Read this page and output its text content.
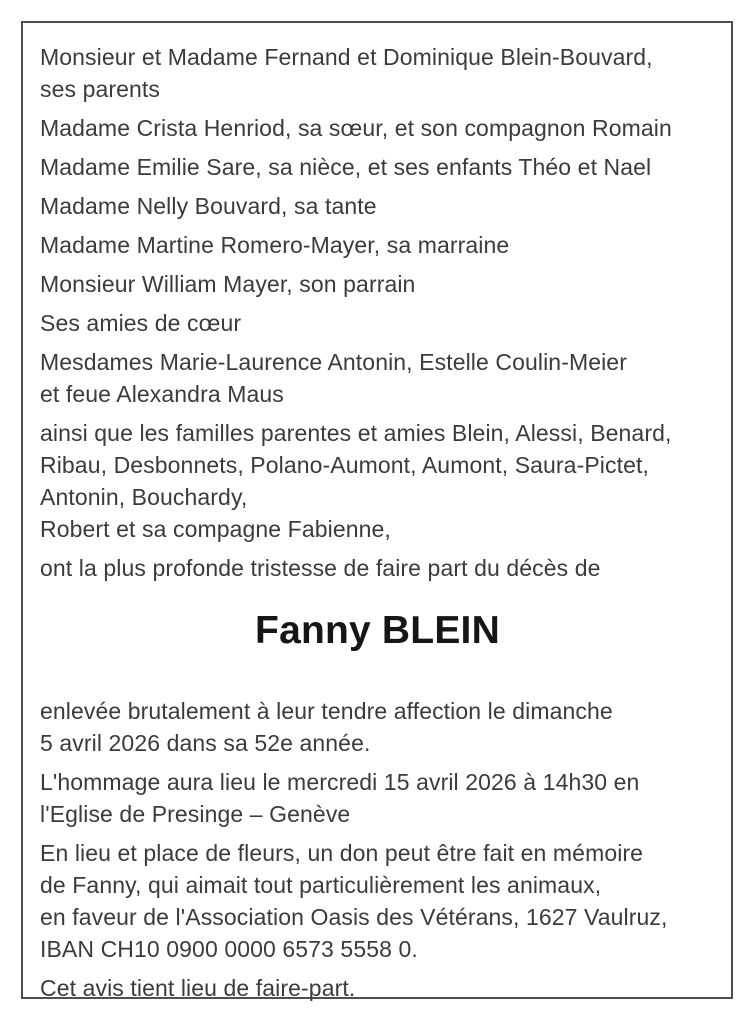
Monsieur et Madame Fernand et Dominique Blein-Bouvard,
ses parents

Madame Crista Henriod, sa sœur, et son compagnon Romain

Madame Emilie Sare, sa nièce, et ses enfants Théo et Nael

Madame Nelly Bouvard, sa tante

Madame Martine Romero-Mayer, sa marraine

Monsieur William Mayer, son parrain

Ses amies de cœur

Mesdames Marie-Laurence Antonin, Estelle Coulin-Meier
et feue Alexandra Maus

ainsi que les familles parentes et amies Blein, Alessi, Benard,
Ribau, Desbonnets, Polano-Aumont, Aumont, Saura-Pictet,
Antonin, Bouchardy,
Robert et sa compagne Fabienne,

ont la plus profonde tristesse de faire part du décès de

Fanny BLEIN

enlevée brutalement à leur tendre affection le dimanche
5 avril 2026 dans sa 52e année.

L'hommage aura lieu le mercredi 15 avril 2026 à 14h30 en
l'Eglise de Presinge – Genève

En lieu et place de fleurs, un don peut être fait en mémoire
de Fanny, qui aimait tout particulièrement les animaux,
en faveur de l'Association Oasis des Vétérans, 1627 Vaulruz,
IBAN CH10 0900 0000 6573 5558 0.

Cet avis tient lieu de faire-part.
